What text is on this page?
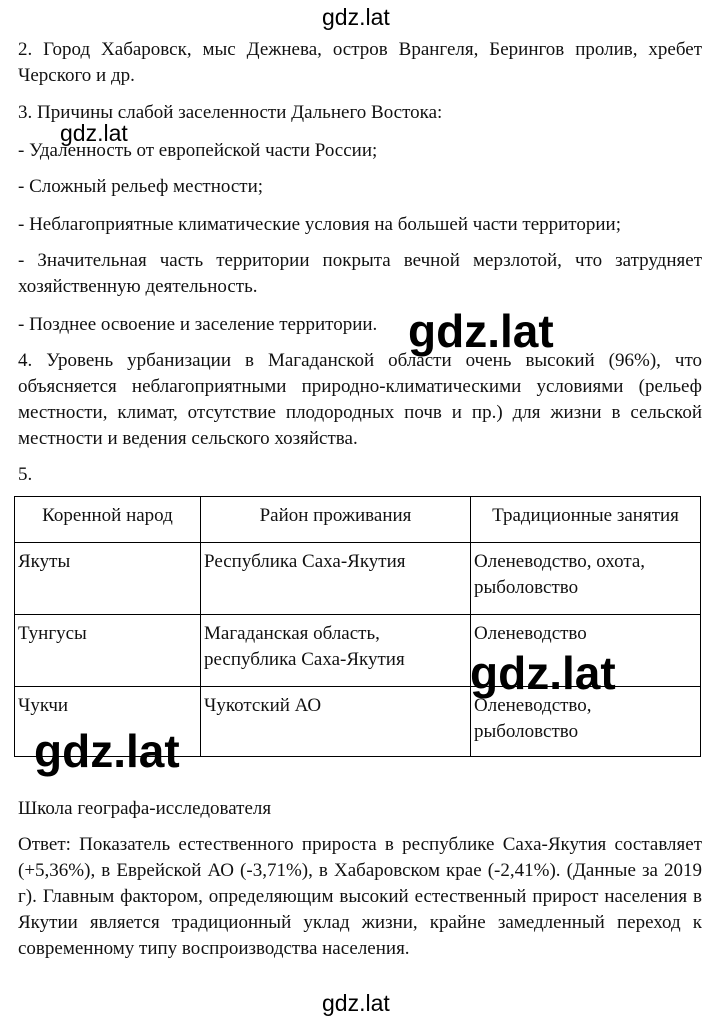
2. Город Хабаровск, мыс Дежнева, остров Врангеля, Берингов пролив, хребет Черского и др.

3. Причины слабой заселенности Дальнего Востока:

- Удаленность от европейской части России;

- Сложный рельеф местности;

- Неблагоприятные климатические условия на большей части территории;

- Значительная часть территории покрыта вечной мерзлотой, что затрудняет хозяйственную деятельность.

- Позднее освоение и заселение территории.

4. Уровень урбанизации в Магаданской области очень высокий (96%), что объясняется неблагоприятными природно-климатическими условиями (рельеф местности, климат, отсутствие плодородных почв и пр.) для жизни в сельской местности и ведения сельского хозяйства.

5.

Коренной народ	Район проживания	Традиционные занятия
Якуты	Республика Саха-Якутия	Оленеводство, охота, рыболовство
Тунгусы	Магаданская область, республика Саха-Якутия	Оленеводство
Чукчи	Чукотский АО	Оленеводство, рыболовство

Школа географа-исследователя

Ответ: Показатель естественного прироста в республике Саха-Якутия составляет (+5,36%), в Еврейской АО (-3,71%), в Хабаровском крае (-2,41%). (Данные за 2019 г). Главным фактором, определяющим высокий естественный прирост населения в Якутии является традиционный уклад жизни, крайне замедленный переход к современному типу воспроизводства населения.

gdz.lat
gdz.lat
gdz.lat
gdz.lat
gdz.lat
gdz.lat
